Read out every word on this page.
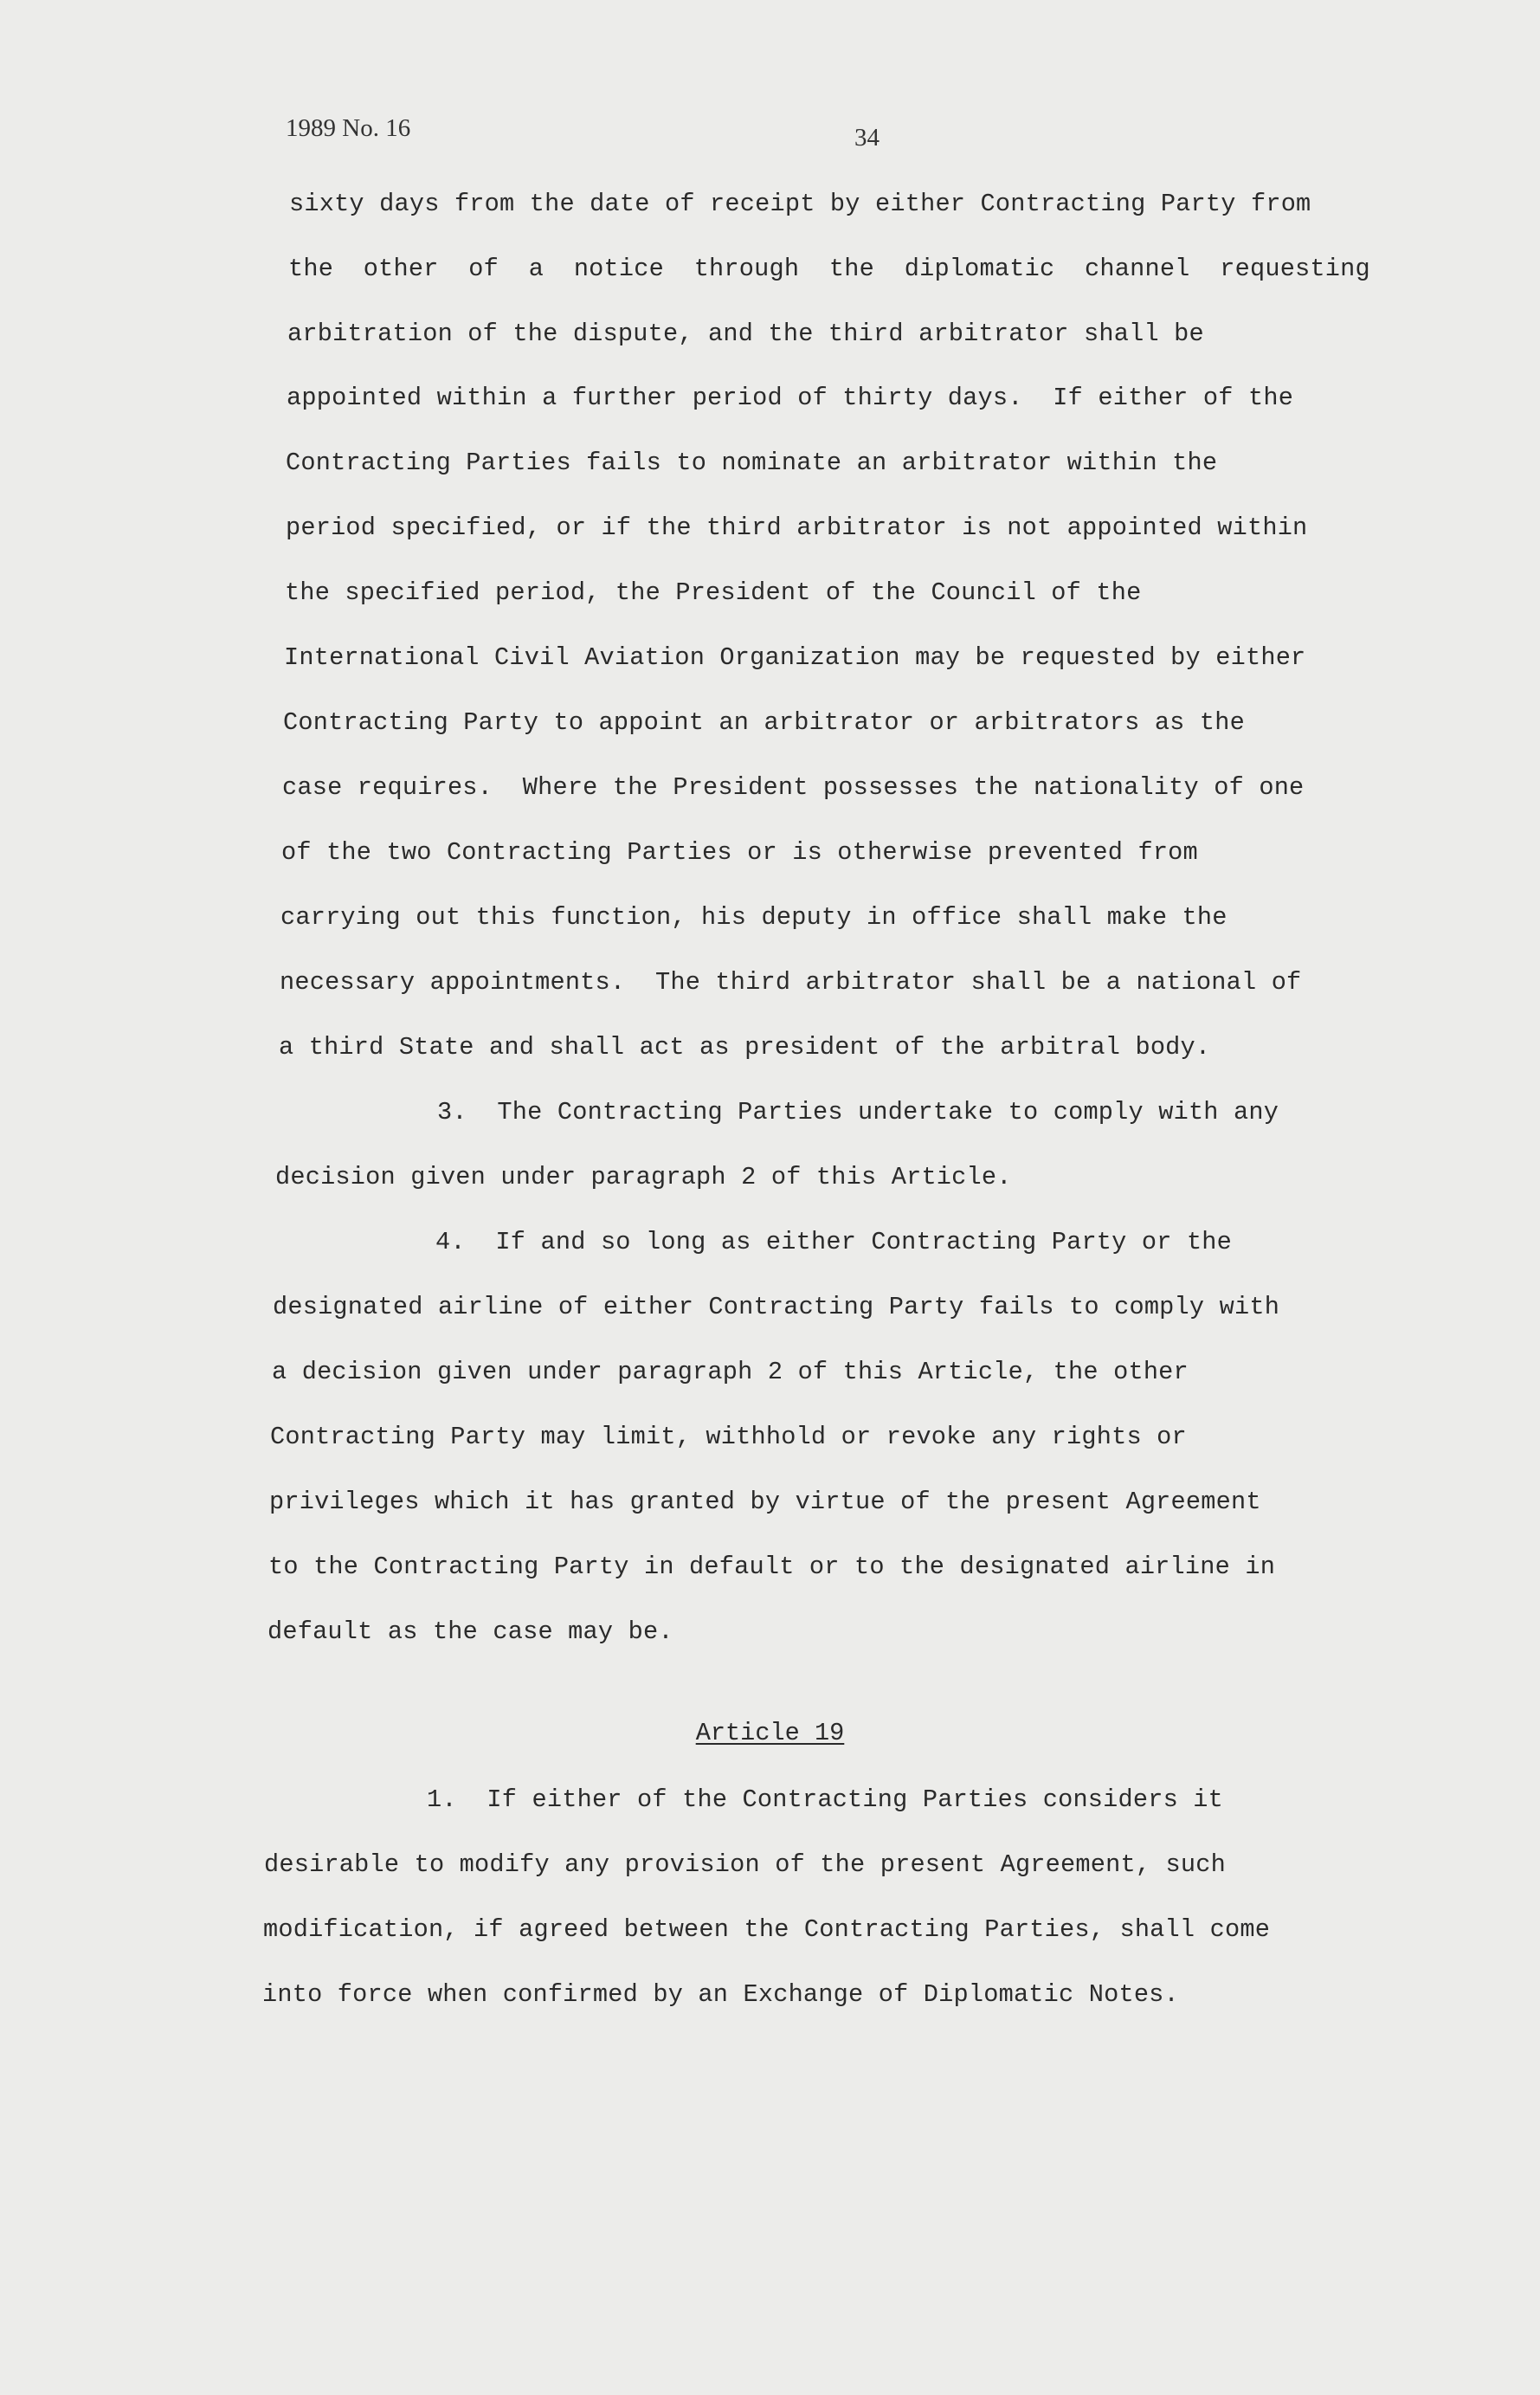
1989 No. 16	34
sixty days from the date of receipt by either Contracting Party from
the  other  of  a  notice  through  the  diplomatic  channel  requesting
arbitration of the dispute, and the third arbitrator shall be
appointed within a further period of thirty days.  If either of the
Contracting Parties fails to nominate an arbitrator within the
period specified, or if the third arbitrator is not appointed within
the specified period, the President of the Council of the
International Civil Aviation Organization may be requested by either
Contracting Party to appoint an arbitrator or arbitrators as the
case requires.  Where the President possesses the nationality of one
of the two Contracting Parties or is otherwise prevented from
carrying out this function, his deputy in office shall make the
necessary appointments.  The third arbitrator shall be a national of
a third State and shall act as president of the arbitral body.
3.  The Contracting Parties undertake to comply with any
decision given under paragraph 2 of this Article.
4.  If and so long as either Contracting Party or the
designated airline of either Contracting Party fails to comply with
a decision given under paragraph 2 of this Article, the other
Contracting Party may limit, withhold or revoke any rights or
privileges which it has granted by virtue of the present Agreement
to the Contracting Party in default or to the designated airline in
default as the case may be.
Article 19
1.  If either of the Contracting Parties considers it
desirable to modify any provision of the present Agreement, such
modification, if agreed between the Contracting Parties, shall come
into force when confirmed by an Exchange of Diplomatic Notes.
